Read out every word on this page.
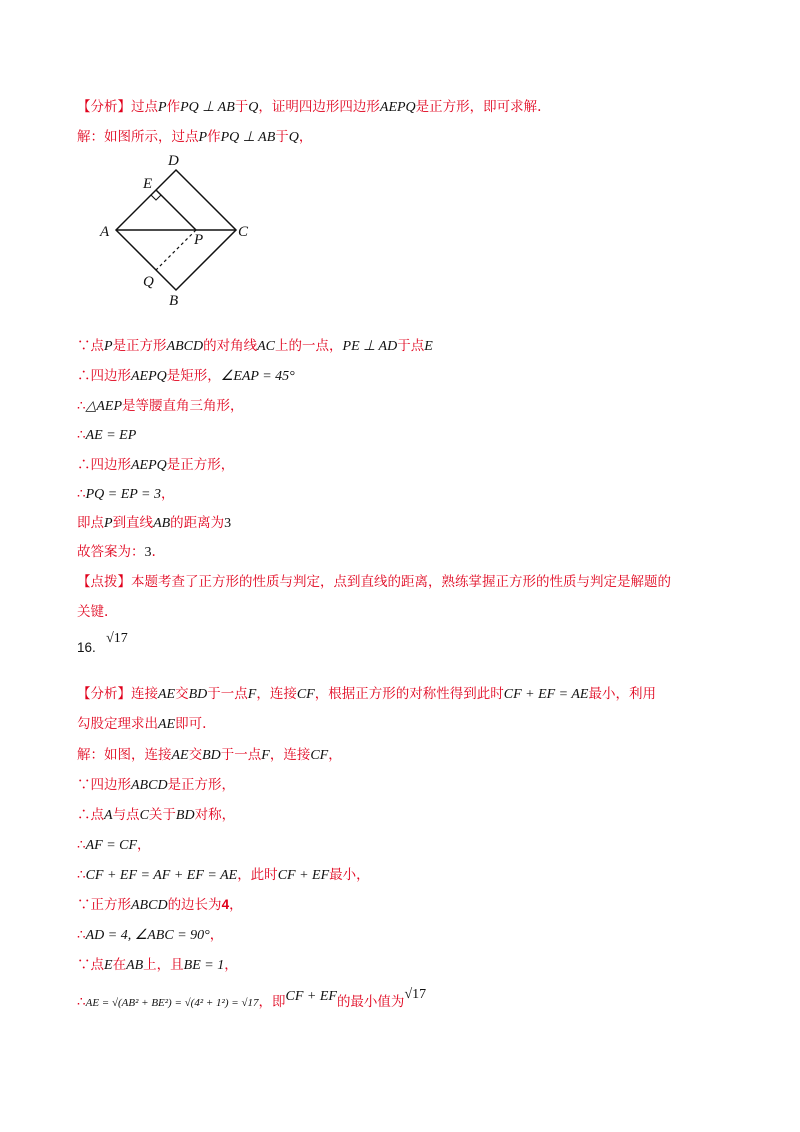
【分析】过点P作PQ ⊥ AB于Q，证明四边形四边形AEPQ是正方形，即可求解.
解：如图所示，过点P作PQ ⊥ AB于Q，
D
E
A	P C
Q
B
∵点P是正方形ABCD的对角线AC上的一点，PE ⊥ AD于点E
∴四边形AEPQ是矩形，∠EAP = 45°
∴△AEP是等腰直角三角形，
∴AE = EP
∴四边形AEPQ是正方形，
∴PQ = EP = 3，
即点P到直线AB的距离为3
故答案为：3.
【点拨】本题考查了正方形的性质与判定，点到直线的距离，熟练掌握正方形的性质与判定是解题的
关键.
16. √17
【分析】连接AE交BD于一点F，连接CF，根据正方形的对称性得到此时CF + EF = AE最小，利用
勾股定理求出AE即可.
解：如图，连接AE交BD于一点F，连接CF，
∵四边形ABCD是正方形，
∴点A与点C关于BD对称，
∴AF = CF，
∴CF + EF = AF + EF = AE，此时CF + EF最小，
∵正方形ABCD的边长为4，
∴AD = 4, ∠ABC = 90°，
∵点E在AB上，且BE = 1，
∴AE = √(AB² + BE²) = √(4² + 1²) = √17，即CF + EF的最小值为√17
